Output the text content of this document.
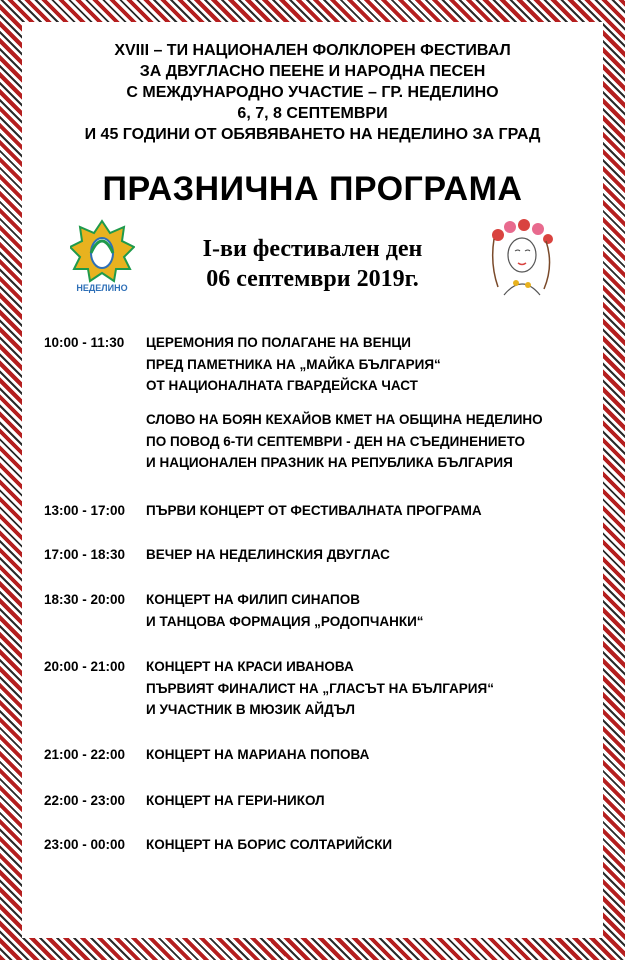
XVIII – ТИ НАЦИОНАЛЕН ФОЛКЛОРЕН ФЕСТИВАЛ
ЗА ДВУГЛАСНО ПЕЕНЕ И НАРОДНА ПЕСЕН
С МЕЖДУНАРОДНО УЧАСТИЕ – ГР. НЕДЕЛИНО
6, 7, 8 СЕПТЕМВРИ
И 45 ГОДИНИ ОТ ОБЯВЯВАНЕТО НА НЕДЕЛИНО ЗА ГРАД
ПРАЗНИЧНА ПРОГРАМА
НЕДЕЛИНО
I-ви фестивален ден
06 септември 2019г.
10:00 - 11:30	ЦЕРЕМОНИЯ ПО ПОЛАГАНЕ НА ВЕНЦИ
ПРЕД ПАМЕТНИКА НА „МАЙКА БЪЛГАРИЯ“
ОТ НАЦИОНАЛНАТА ГВАРДЕЙСКА ЧАСТ
СЛОВО НА БОЯН КЕХАЙОВ КМЕТ НА ОБЩИНА НЕДЕЛИНО
ПО ПОВОД 6-ТИ СЕПТЕМВРИ - ДЕН НА СЪЕДИНЕНИЕТО
И НАЦИОНАЛЕН ПРАЗНИК НА РЕПУБЛИКА БЪЛГАРИЯ
13:00 - 17:00	ПЪРВИ КОНЦЕРТ ОТ ФЕСТИВАЛНАТА ПРОГРАМА
17:00 - 18:30	ВЕЧЕР НА НЕДЕЛИНСКИЯ ДВУГЛАС
18:30 - 20:00	КОНЦЕРТ НА ФИЛИП СИНАПОВ
И ТАНЦОВА ФОРМАЦИЯ „РОДОПЧАНКИ“
20:00 - 21:00	КОНЦЕРТ НА КРАСИ ИВАНОВА
ПЪРВИЯТ ФИНАЛИСТ НА „ГЛАСЪТ НА БЪЛГАРИЯ“
И УЧАСТНИК В МЮЗИК АЙДЪЛ
21:00 - 22:00	КОНЦЕРТ НА МАРИАНА ПОПОВА
22:00 - 23:00	КОНЦЕРТ НА ГЕРИ-НИКОЛ
23:00 - 00:00	КОНЦЕРТ НА БОРИС СОЛТАРИЙСКИ
